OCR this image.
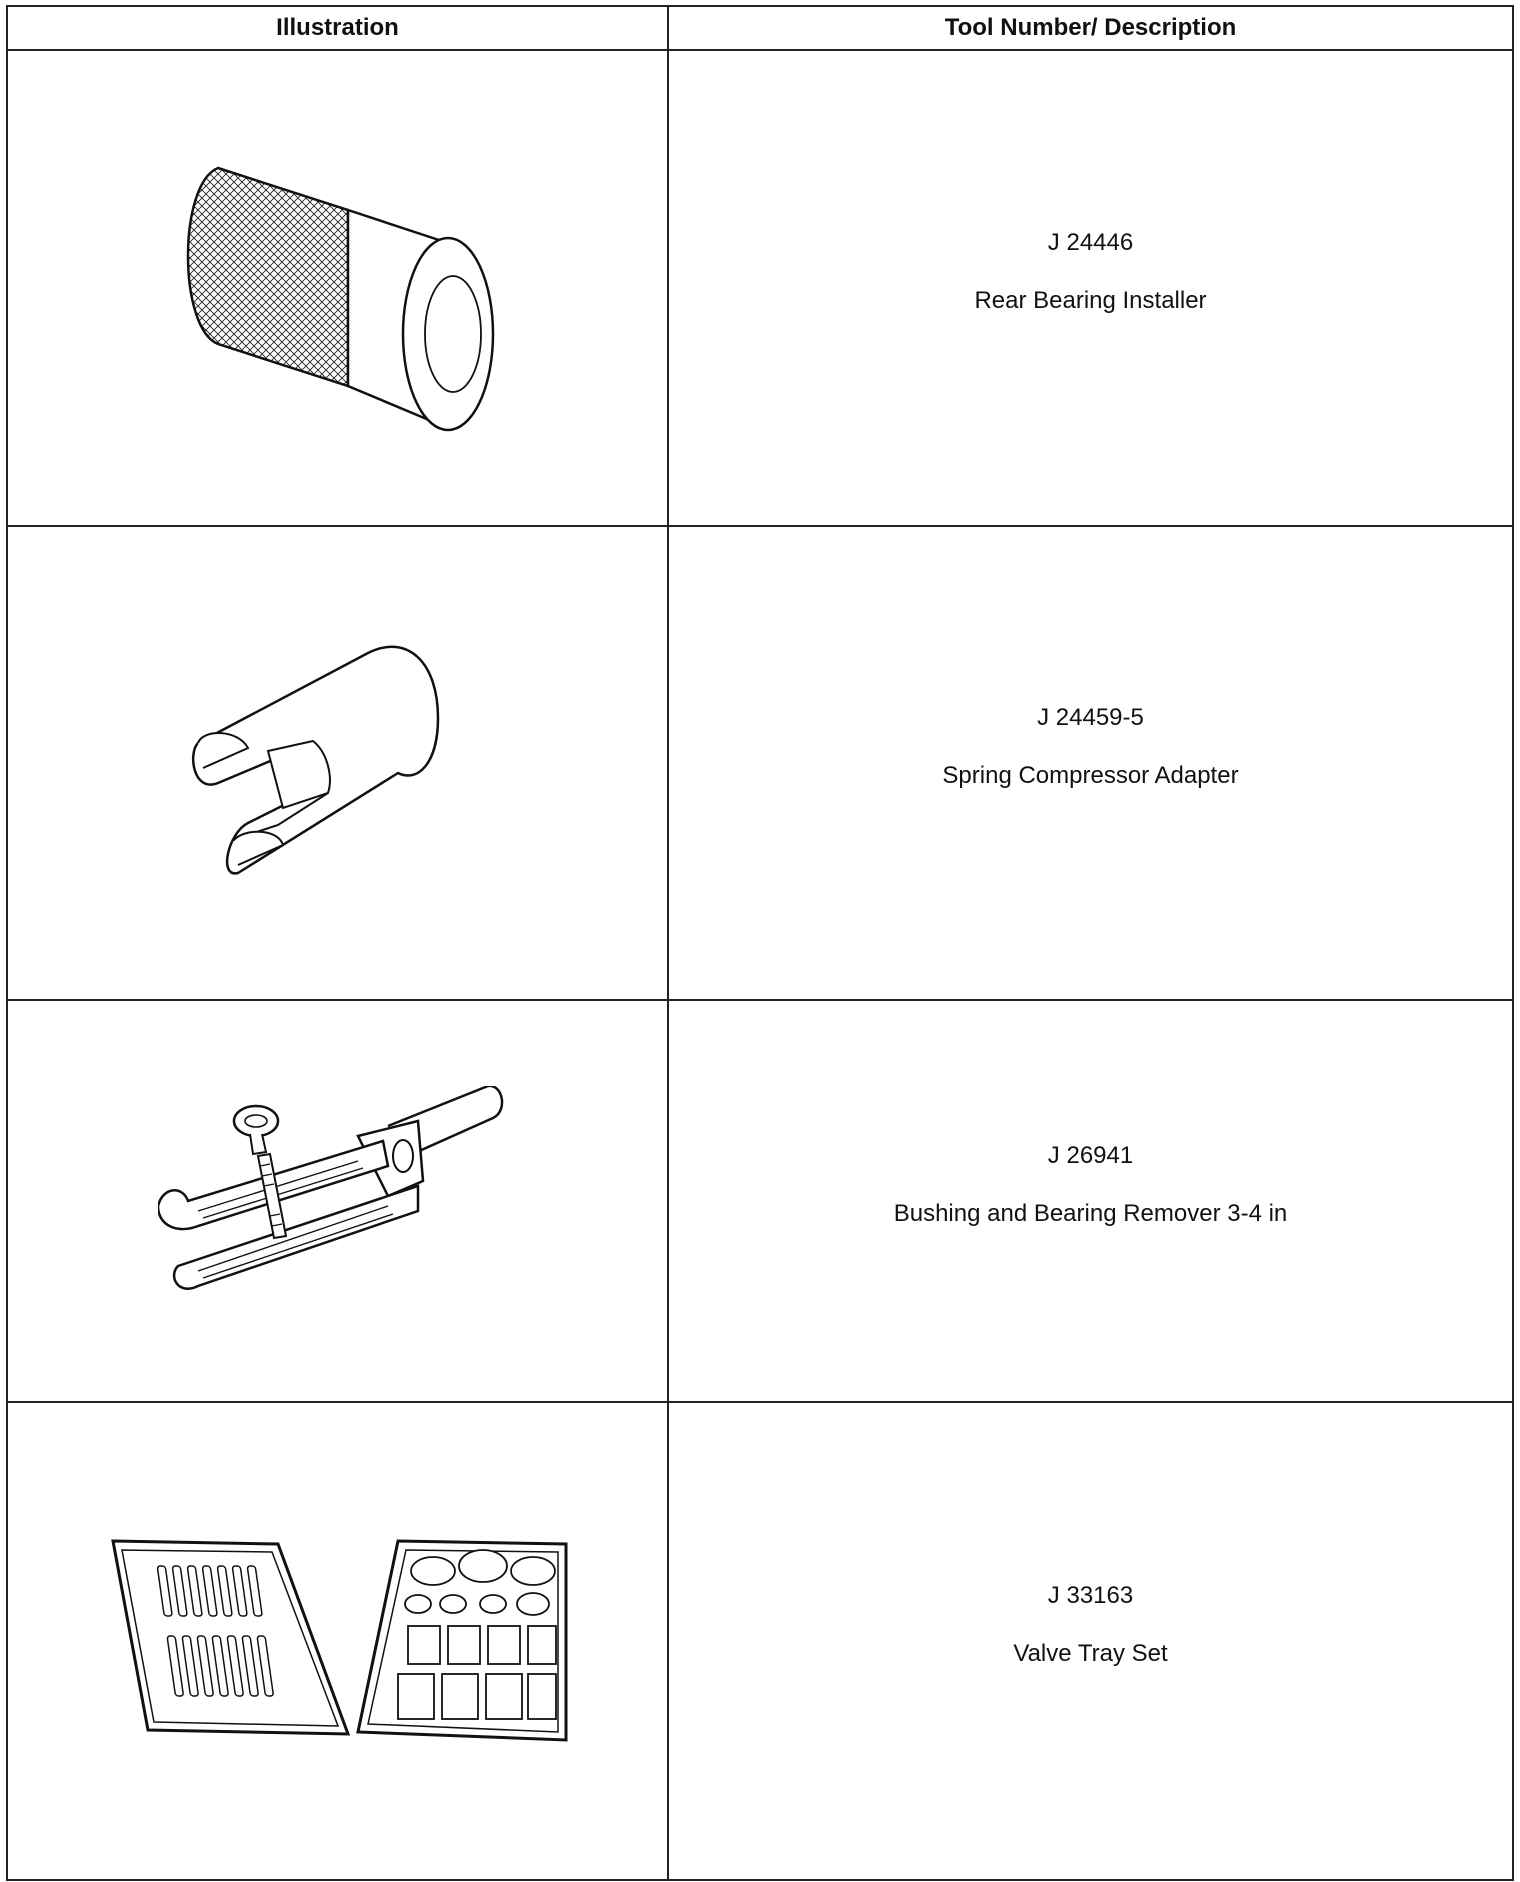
Illustration	Tool Number/ Description

J 24446
Rear Bearing Installer

J 24459-5
Spring Compressor Adapter

J 26941
Bushing and Bearing Remover 3-4 in

J 33163
Valve Tray Set
